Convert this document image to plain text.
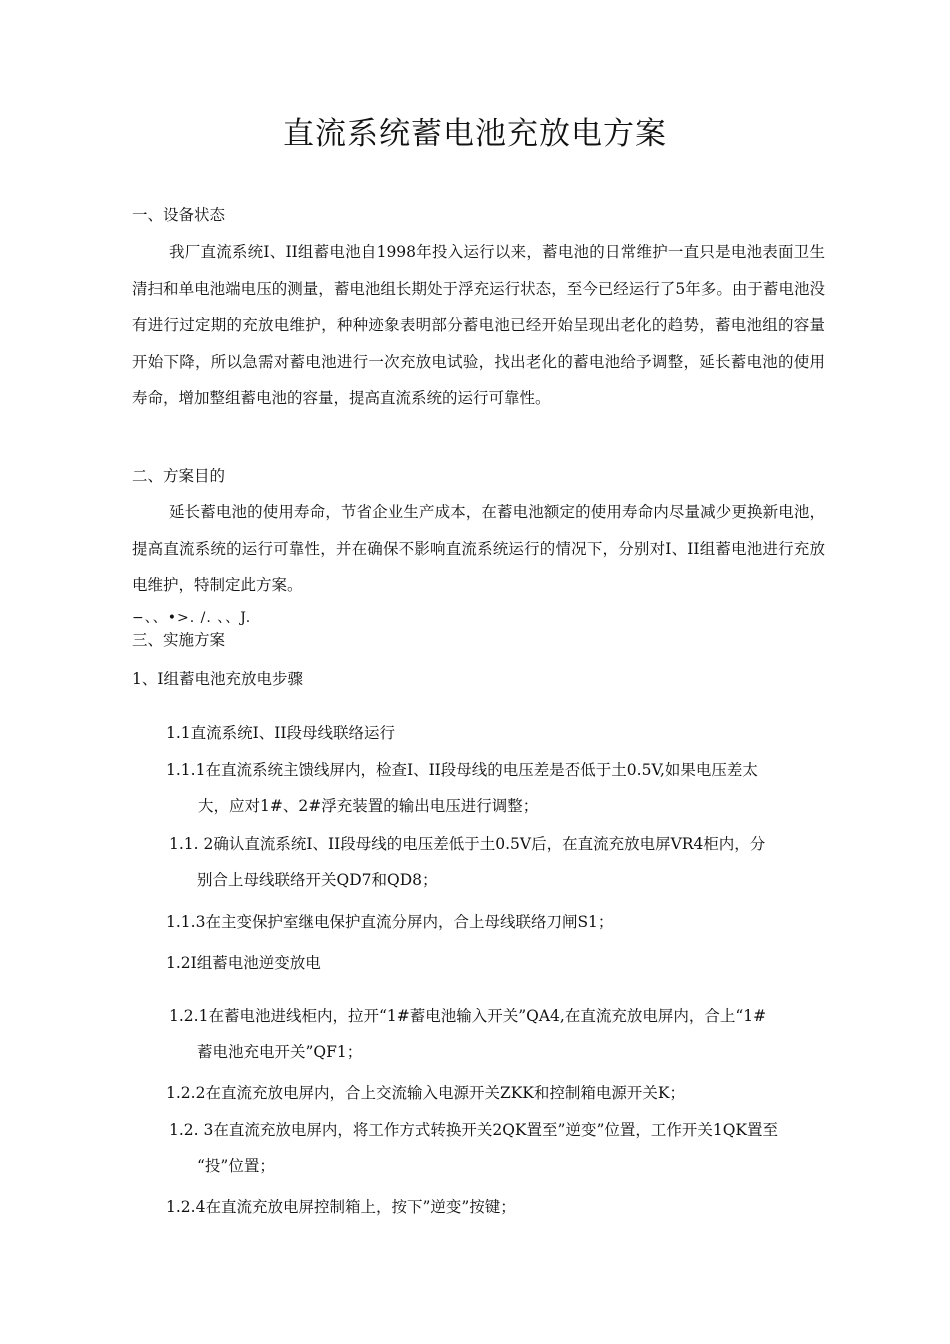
直流系统蓄电池充放电方案
一、设备状态
我厂直流系统I、II组蓄电池自1998年投入运行以来，蓄电池的日常维护一直只是电池表面卫生清扫和单电池端电压的测量，蓄电池组长期处于浮充运行状态，至今已经运行了5年多。由于蓄电池没有进行过定期的充放电维护，种种迹象表明部分蓄电池已经开始呈现出老化的趋势，蓄电池组的容量开始下降，所以急需对蓄电池进行一次充放电试验，找出老化的蓄电池给予调整，延长蓄电池的使用寿命，增加整组蓄电池的容量，提高直流系统的运行可靠性。
二、方案目的
延长蓄电池的使用寿命，节省企业生产成本，在蓄电池额定的使用寿命内尽量减少更换新电池，提高直流系统的运行可靠性，并在确保不影响直流系统运行的情况下，分别对I、II组蓄电池进行充放电维护，特制定此方案。
−、、•>. /. 、、J.
三、实施方案
1、I组蓄电池充放电步骤
1.1直流系统I、II段母线联络运行
1.1.1在直流系统主馈线屏内，检查I、II段母线的电压差是否低于土0.5V,如果电压差太
大，应对1#、2#浮充装置的输出电压进行调整；
1.1. 2确认直流系统I、II段母线的电压差低于土0.5V后，在直流充放电屏VR4柜内，分
别合上母线联络开关QD7和QD8；
1.1.3在主变保护室继电保护直流分屏内，合上母线联络刀闸S1；
1.2I组蓄电池逆变放电
1.2.1在蓄电池进线柜内，拉开“1#蓄电池输入开关”QA4,在直流充放电屏内，合上“1#
蓄电池充电开关”QF1；
1.2.2在直流充放电屏内，合上交流输入电源开关ZKK和控制箱电源开关K；
1.2. 3在直流充放电屏内，将工作方式转换开关2QK置至”逆变”位置，工作开关1QK置至
“投”位置；
1.2.4在直流充放电屏控制箱上，按下”逆变”按键；
